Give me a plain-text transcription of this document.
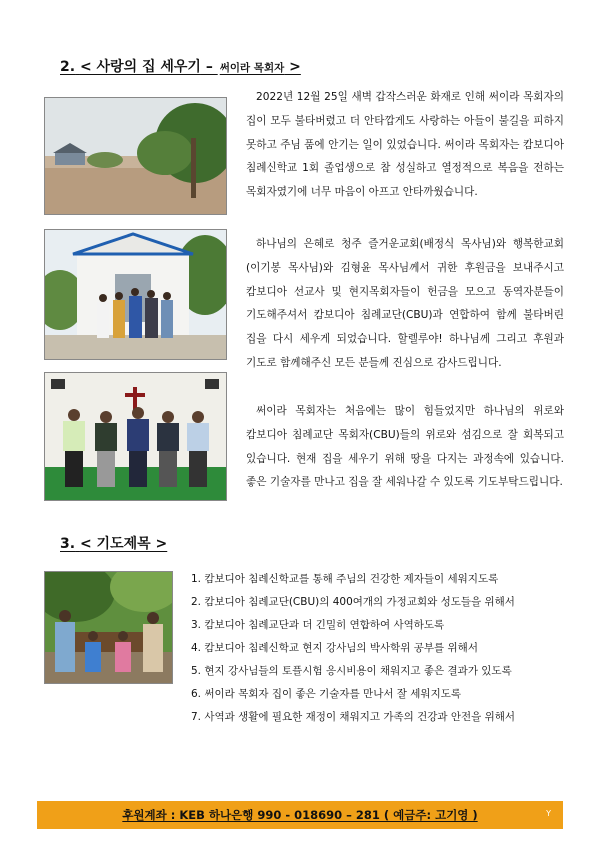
2. < 사랑의 집 세우기 – 써이라 목회자 >

2022년 12월 25일 새벽 갑작스러운 화재로 인해 써이라 목회자의 집이 모두 불타버렸고 더 안타깝게도 사랑하는 아들이 불길을 피하지 못하고 주님 품에 안기는 일이 있었습니다. 써이라 목회자는 캄보디아 침례신학교 1회 졸업생으로 참 성실하고 열정적으로 복음을 전하는 목회자였기에 너무 마음이 아프고 안타까웠습니다.

하나님의 은혜로 청주 즐거운교회(배정식 목사님)와 행복한교회(이기봉 목사님)와 김형윤 목사님께서 귀한 후원금을 보내주시고 캄보디아 선교사 및 현지목회자들이 헌금을 모으고 동역자분들이 기도해주셔서 캄보디아 침례교단(CBU)과 연합하여 함께 불타버린 집을 다시 세우게 되었습니다. 할렐루야! 하나님께 그리고 후원과 기도로 함께해주신 모든 분들께 진심으로 감사드립니다.

써이라 목회자는 처음에는 많이 힘들었지만 하나님의 위로와 캄보디아 침례교단 목회자(CBU)들의 위로와 섬김으로 잘 회복되고 있습니다. 현재 집을 세우기 위해 땅을 다지는 과정속에 있습니다. 좋은 기술자를 만나고 집을 잘 세워나갈 수 있도록 기도부탁드립니다.

3. < 기도제목 >
1. 캄보디아 침례신학교를 통해 주님의 건강한 제자들이 세워지도록
2. 캄보디아 침례교단(CBU)의 400여개의 가정교회와 성도들을 위해서
3. 캄보디아 침례교단과 더 긴밀히 연합하여 사역하도록
4. 캄보디아 침례신학교 현지 강사님의 박사학위 공부를 위해서
5. 현지 강사님들의 토플시험 응시비용이 채워지고 좋은 결과가 있도록
6. 써이라 목회자 집이 좋은 기술자를 만나서 잘 세워지도록
7. 사역과 생활에 필요한 재정이 채워지고 가족의 건강과 안전을 위해서
후원계좌 : KEB 하나은행 990 - 018690 – 281 ( 예금주: 고기영 )	Y
